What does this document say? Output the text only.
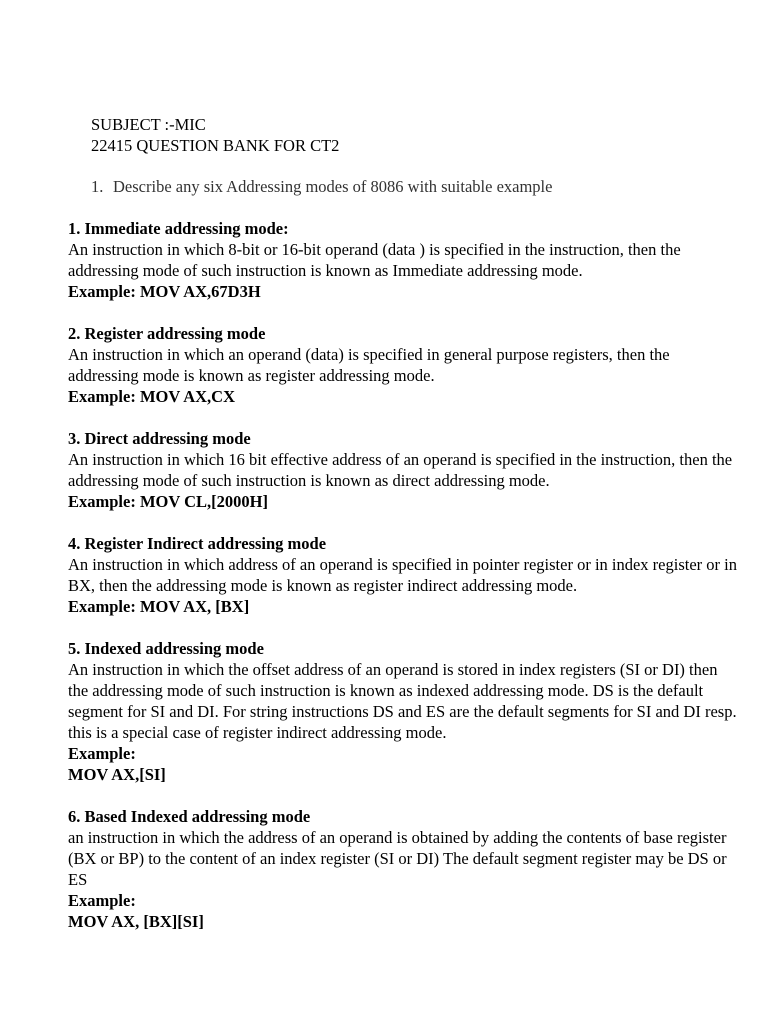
SUBJECT :-MIC
22415 QUESTION BANK FOR CT2
1. Describe any six Addressing modes of 8086 with suitable example
1. Immediate addressing mode:
An instruction in which 8-bit or 16-bit operand (data ) is specified in the instruction, then the addressing mode of such instruction is known as Immediate addressing mode.
Example: MOV AX,67D3H
2. Register addressing mode
An instruction in which an operand (data) is specified in general purpose registers, then the addressing mode is known as register addressing mode.
Example: MOV AX,CX
3. Direct addressing mode
An instruction in which 16 bit effective address of an operand is specified in the instruction, then the addressing mode of such instruction is known as direct addressing mode.
Example: MOV CL,[2000H]
4. Register Indirect addressing mode
An instruction in which address of an operand is specified in pointer register or in index register or in BX, then the addressing mode is known as register indirect addressing mode.
Example: MOV AX, [BX]
5. Indexed addressing mode
An instruction in which the offset address of an operand is stored in index registers (SI or DI) then the addressing mode of such instruction is known as indexed addressing mode. DS is the default segment for SI and DI. For string instructions DS and ES are the default segments for SI and DI resp. this is a special case of register indirect addressing mode.
Example:
MOV AX,[SI]
6. Based Indexed addressing mode
an instruction in which the address of an operand is obtained by adding the contents of base register (BX or BP) to the content of an index register (SI or DI) The default segment register may be DS or ES
Example:
MOV AX, [BX][SI]
